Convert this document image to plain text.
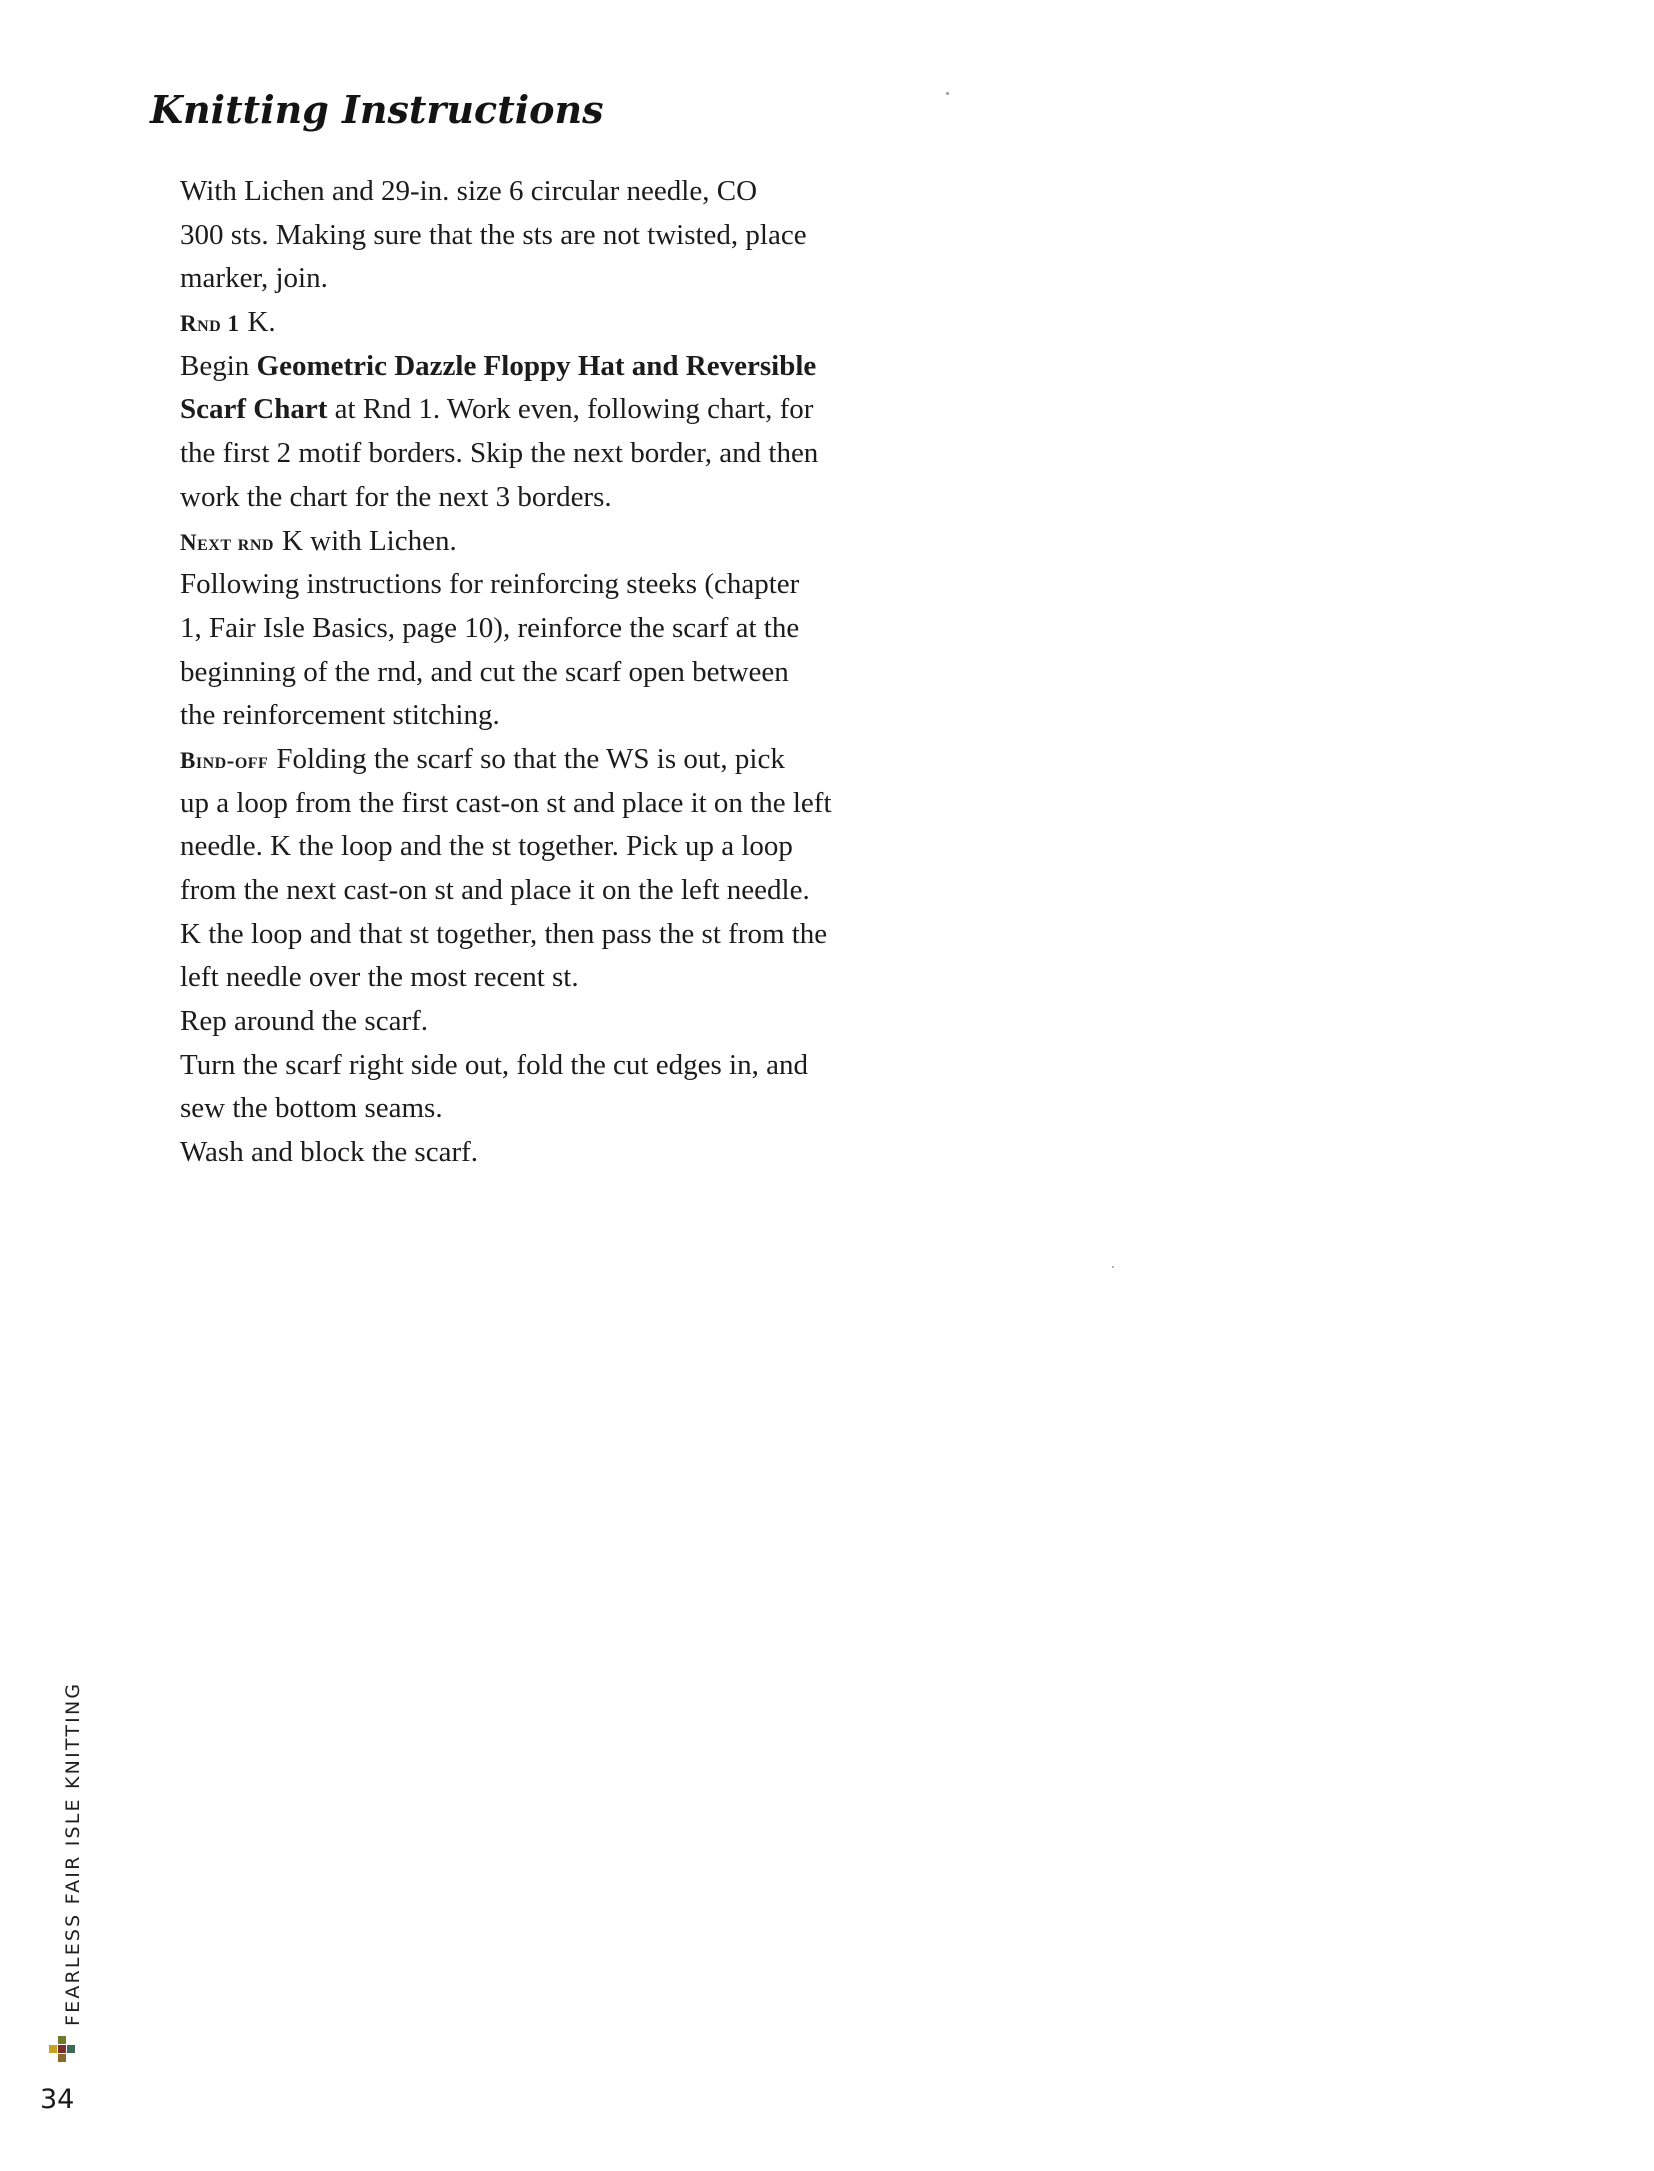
Knitting Instructions
With Lichen and 29-in. size 6 circular needle, CO
300 sts. Making sure that the sts are not twisted, place
marker, join.
Rnd 1 K.
Begin Geometric Dazzle Floppy Hat and Reversible
Scarf Chart at Rnd 1. Work even, following chart, for
the first 2 motif borders. Skip the next border, and then
work the chart for the next 3 borders.
Next rnd K with Lichen.
Following instructions for reinforcing steeks (chapter
1, Fair Isle Basics, page 10), reinforce the scarf at the
beginning of the rnd, and cut the scarf open between
the reinforcement stitching.
Bind-off Folding the scarf so that the WS is out, pick
up a loop from the first cast-on st and place it on the left
needle. K the loop and the st together. Pick up a loop
from the next cast-on st and place it on the left needle.
K the loop and that st together, then pass the st from the
left needle over the most recent st.
Rep around the scarf.
Turn the scarf right side out, fold the cut edges in, and
sew the bottom seams.
Wash and block the scarf.
FEARLESS FAIR ISLE KNITTING
34
